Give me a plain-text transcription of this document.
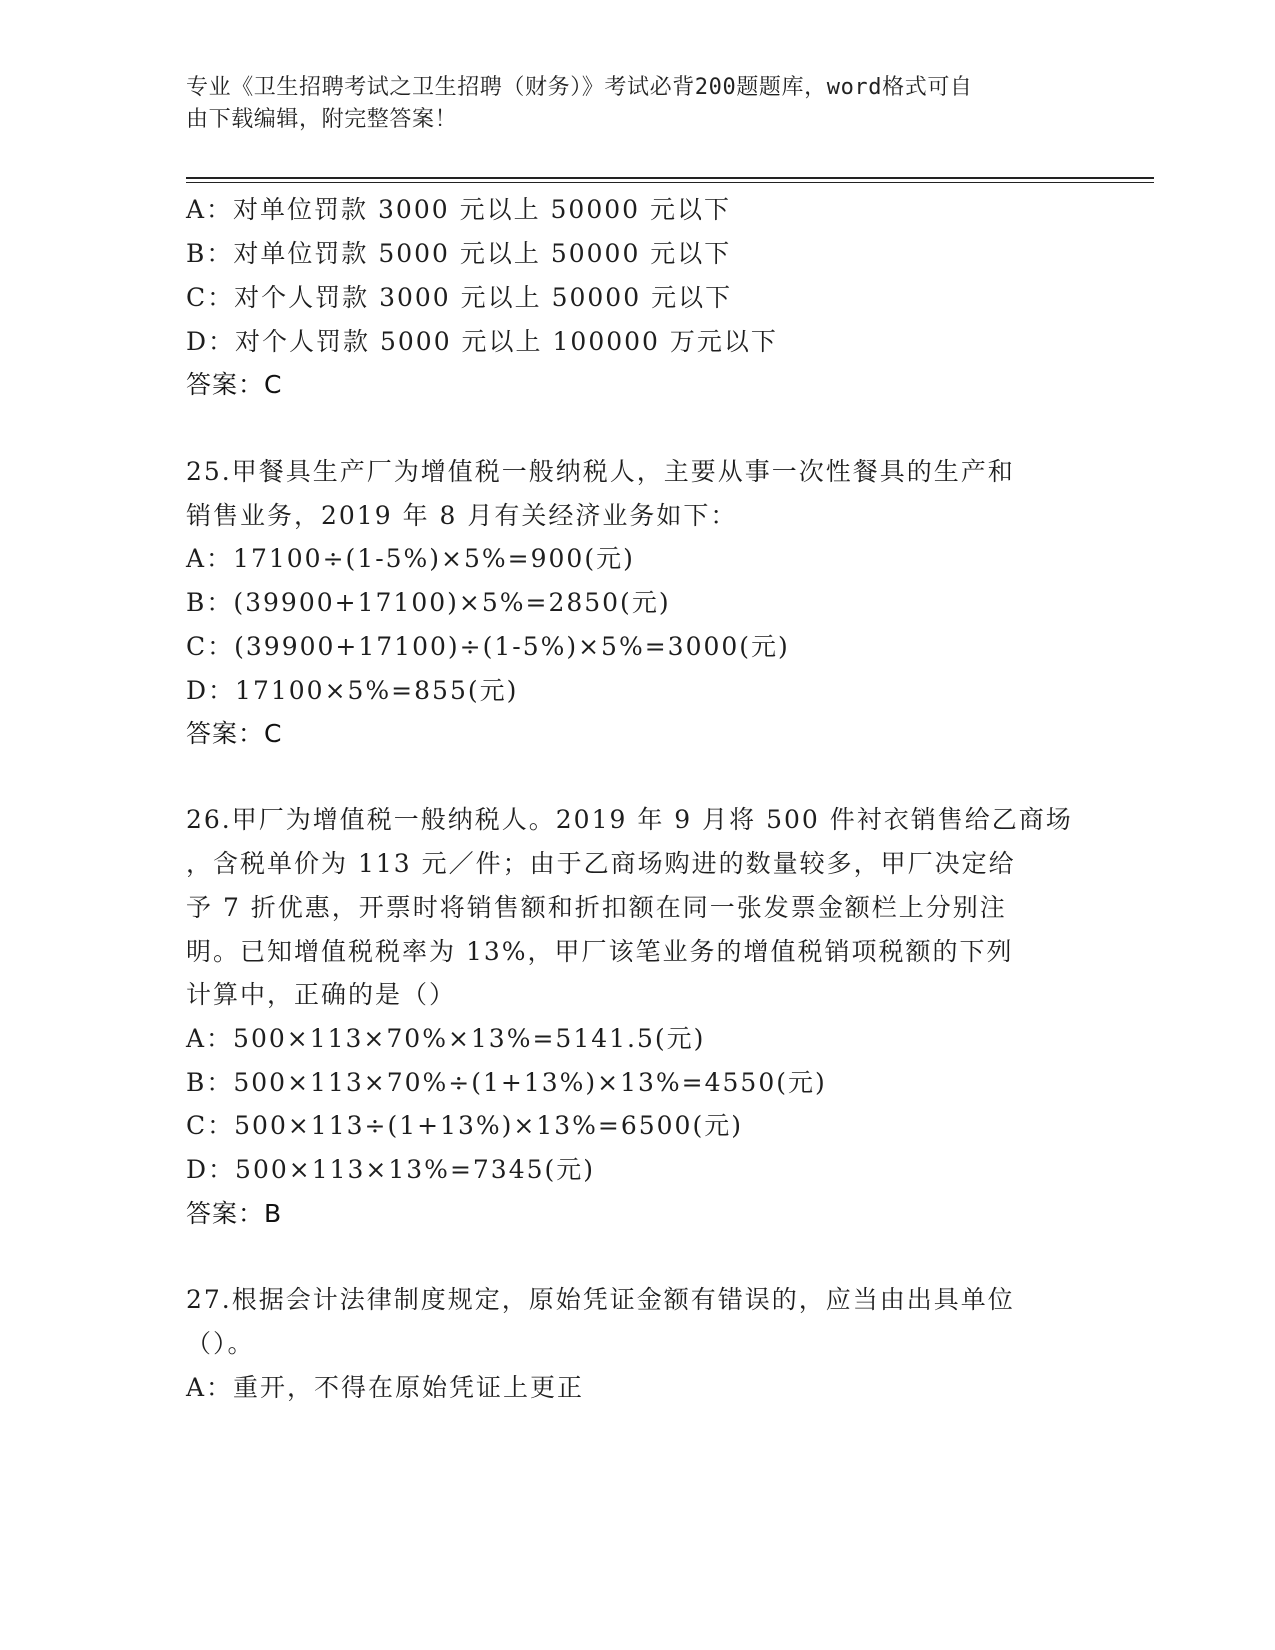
专业《卫生招聘考试之卫生招聘（财务）》考试必背200题题库，word格式可自
由下载编辑，附完整答案！
A：对单位罚款 3000 元以上 50000 元以下
B：对单位罚款 5000 元以上 50000 元以下
C：对个人罚款 3000 元以上 50000 元以下
D：对个人罚款 5000 元以上 100000 万元以下
答案：C
25.甲餐具生产厂为增值税一般纳税人，主要从事一次性餐具的生产和
销售业务，2019 年 8 月有关经济业务如下：
A：17100÷(1-5%)×5%=900(元)
B：(39900+17100)×5%=2850(元)
C：(39900+17100)÷(1-5%)×5%=3000(元)
D：17100×5%=855(元)
答案：C
26.甲厂为增值税一般纳税人。2019 年 9 月将 500 件衬衣销售给乙商场
，含税单价为 113 元／件；由于乙商场购进的数量较多，甲厂决定给
予 7 折优惠，开票时将销售额和折扣额在同一张发票金额栏上分别注
明。已知增值税税率为 13%，甲厂该笔业务的增值税销项税额的下列
计算中，正确的是（）
A：500×113×70%×13%=5141.5(元)
B：500×113×70%÷(1+13%)×13%=4550(元)
C：500×113÷(1+13%)×13%=6500(元)
D：500×113×13%=7345(元)
答案：B
27.根据会计法律制度规定，原始凭证金额有错误的，应当由出具单位
（）。
A：重开，不得在原始凭证上更正
